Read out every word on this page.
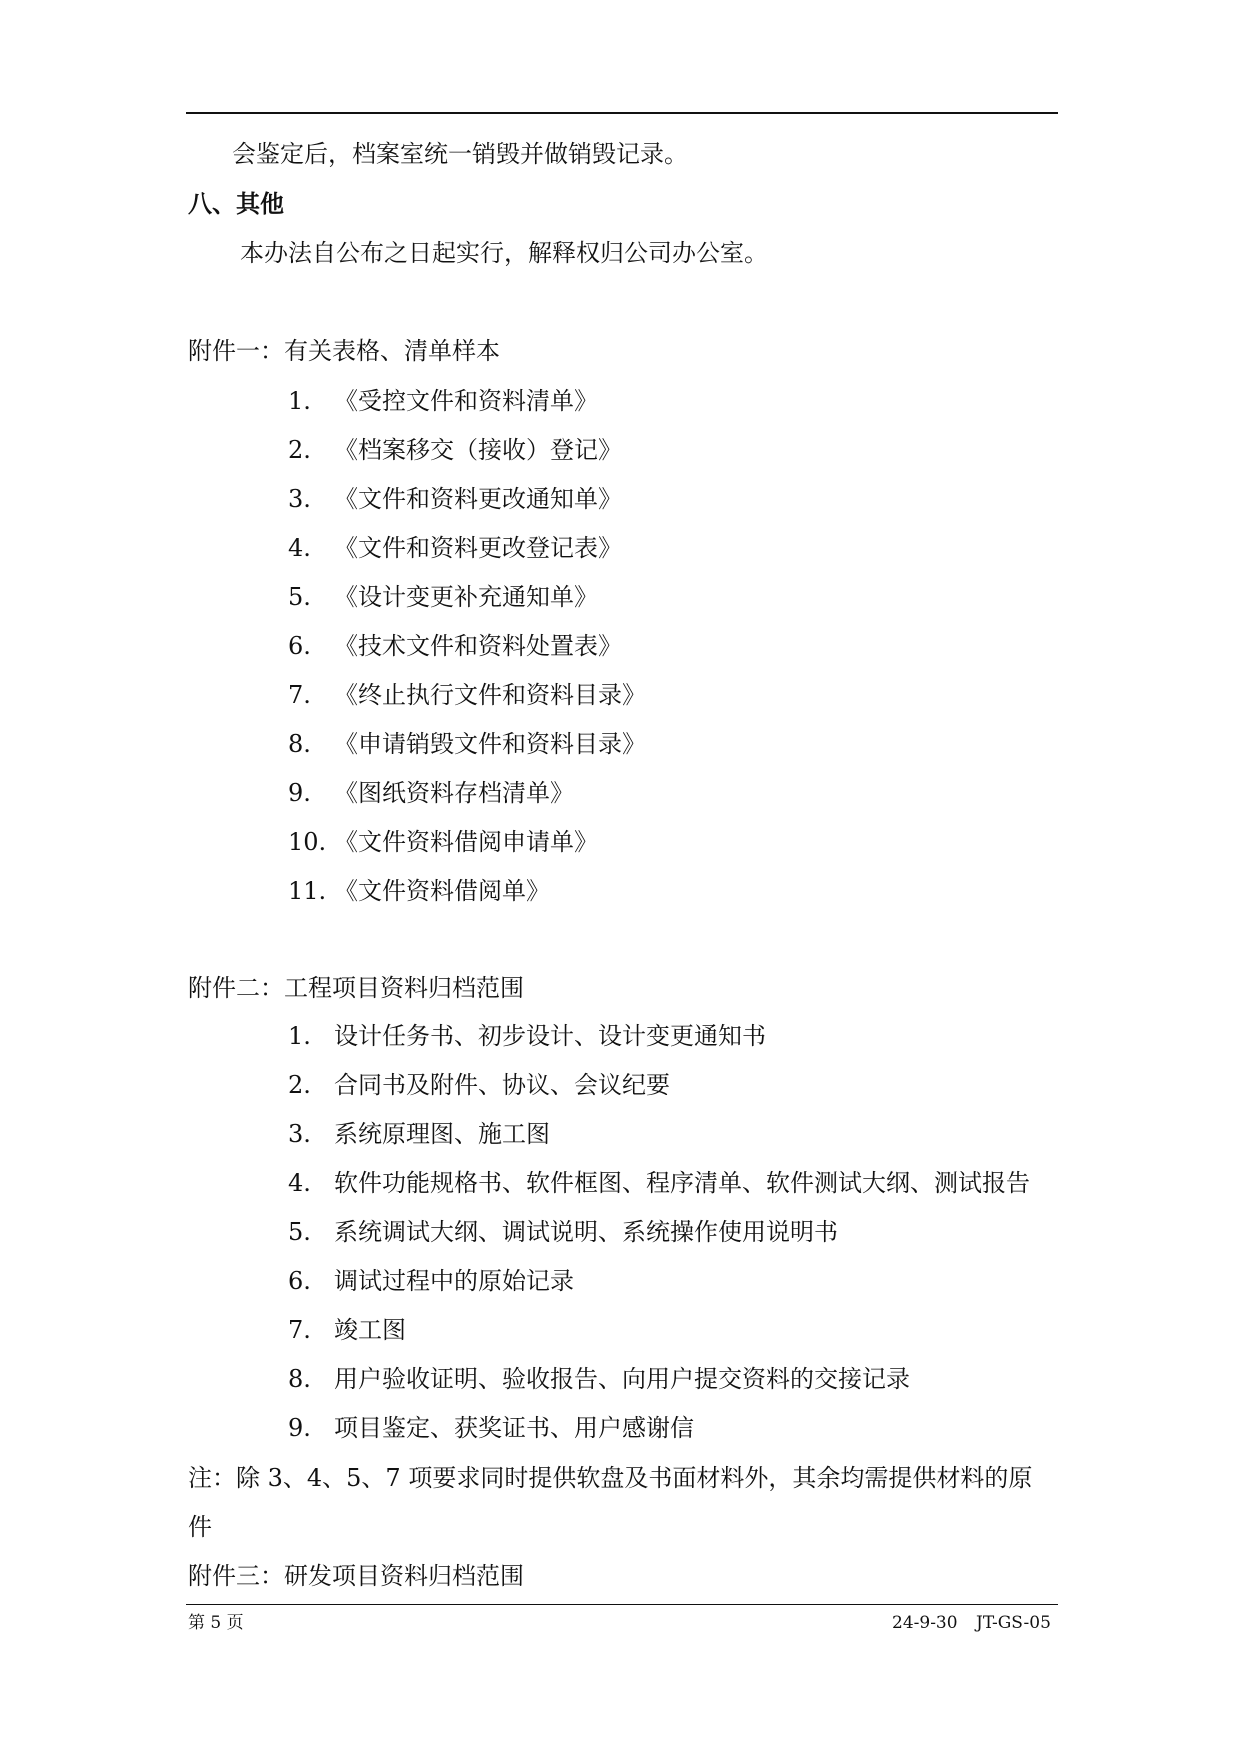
会鉴定后，档案室统一销毁并做销毁记录。
八、其他
本办法自公布之日起实行，解释权归公司办公室。
附件一：有关表格、清单样本
1. 《受控文件和资料清单》
2. 《档案移交（接收）登记》
3. 《文件和资料更改通知单》
4. 《文件和资料更改登记表》
5. 《设计变更补充通知单》
6. 《技术文件和资料处置表》
7. 《终止执行文件和资料目录》
8. 《申请销毁文件和资料目录》
9. 《图纸资料存档清单》
10. 《文件资料借阅申请单》
11. 《文件资料借阅单》
附件二：工程项目资料归档范围
1. 设计任务书、初步设计、设计变更通知书
2. 合同书及附件、协议、会议纪要
3. 系统原理图、施工图
4. 软件功能规格书、软件框图、程序清单、软件测试大纲、测试报告
5. 系统调试大纲、调试说明、系统操作使用说明书
6. 调试过程中的原始记录
7. 竣工图
8. 用户验收证明、验收报告、向用户提交资料的交接记录
9. 项目鉴定、获奖证书、用户感谢信
注：除 3、4、5、7 项要求同时提供软盘及书面材料外，其余均需提供材料的原
件
附件三：研发项目资料归档范围
第 5 页	24-9-30 JT-GS-05
